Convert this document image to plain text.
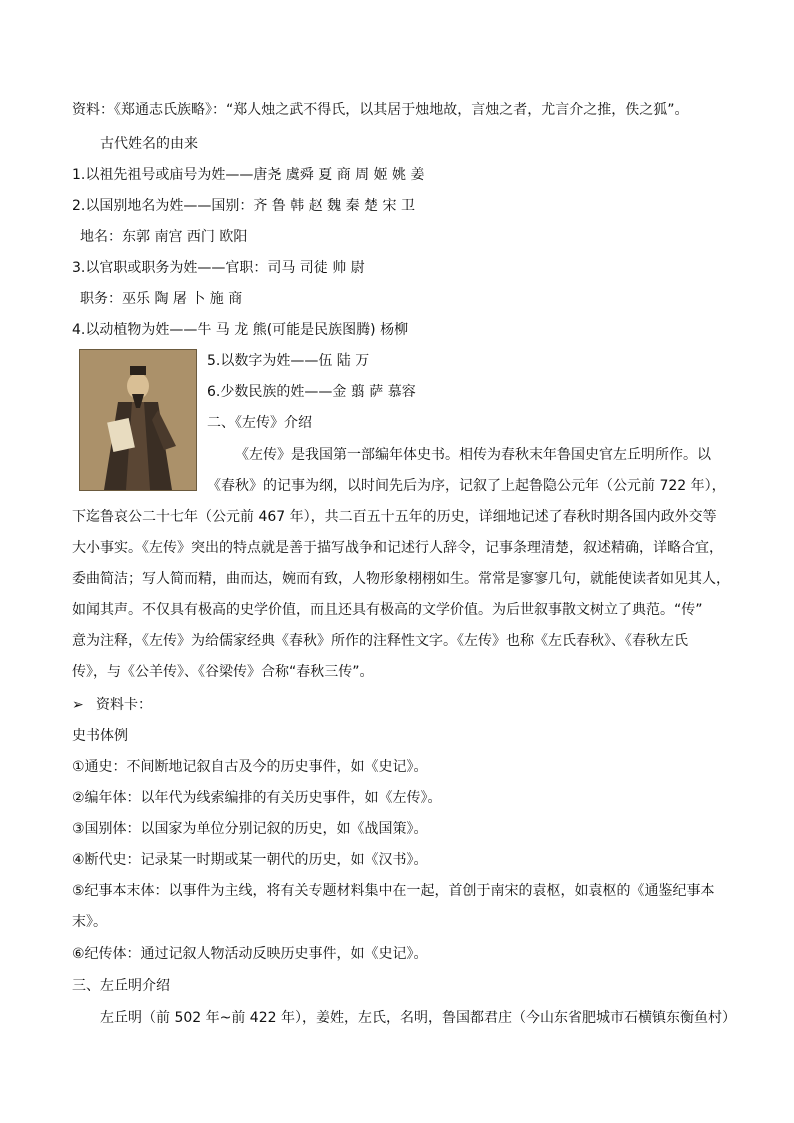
资料：《郑通志氏族略》：“郑人烛之武不得氏，以其居于烛地故，言烛之者，尤言介之推，佚之狐”。
古代姓名的由来
1.以祖先祖号或庙号为姓——唐尧 虞舜 夏 商 周 姬 姚 姜
2.以国别地名为姓——国别：齐 鲁 韩 赵 魏 秦 楚 宋 卫
地名：东郭 南宫 西门 欧阳
3.以官职或职务为姓——官职：司马 司徒 帅 尉
职务：巫乐 陶 屠 卜 施 商
4.以动植物为姓——牛 马 龙 熊(可能是民族图腾) 杨柳
5.以数字为姓——伍 陆 万
6.少数民族的姓——金 翦 萨 慕容
二、《左传》介绍
《左传》是我国第一部编年体史书。相传为春秋末年鲁国史官左丘明所作。以
《春秋》的记事为纲，以时间先后为序，记叙了上起鲁隐公元年（公元前 722 年），
下迄鲁哀公二十七年（公元前 467 年），共二百五十五年的历史，详细地记述了春秋时期各国内政外交等
大小事实。《左传》突出的特点就是善于描写战争和记述行人辞令，记事条理清楚，叙述精确，详略合宜，
委曲简洁；写人简而精，曲而达，婉而有致，人物形象栩栩如生。常常是寥寥几句，就能使读者如见其人，
如闻其声。不仅具有极高的史学价值，而且还具有极高的文学价值。为后世叙事散文树立了典范。“传”
意为注释，《左传》为给儒家经典《春秋》所作的注释性文字。《左传》也称《左氏春秋》、《春秋左氏
传》，与《公羊传》、《谷梁传》合称“春秋三传”。
➢ 资料卡：
史书体例
①通史：不间断地记叙自古及今的历史事件，如《史记》。
②编年体：以年代为线索编排的有关历史事件，如《左传》。
③国别体：以国家为单位分别记叙的历史，如《战国策》。
④断代史：记录某一时期或某一朝代的历史，如《汉书》。
⑤纪事本末体：以事件为主线，将有关专题材料集中在一起，首创于南宋的袁枢，如袁枢的《通鉴纪事本
末》。
⑥纪传体：通过记叙人物活动反映历史事件，如《史记》。
三、左丘明介绍
左丘明（前 502 年~前 422 年），姜姓，左氏，名明，鲁国都君庄（今山东省肥城市石横镇东衡鱼村）
